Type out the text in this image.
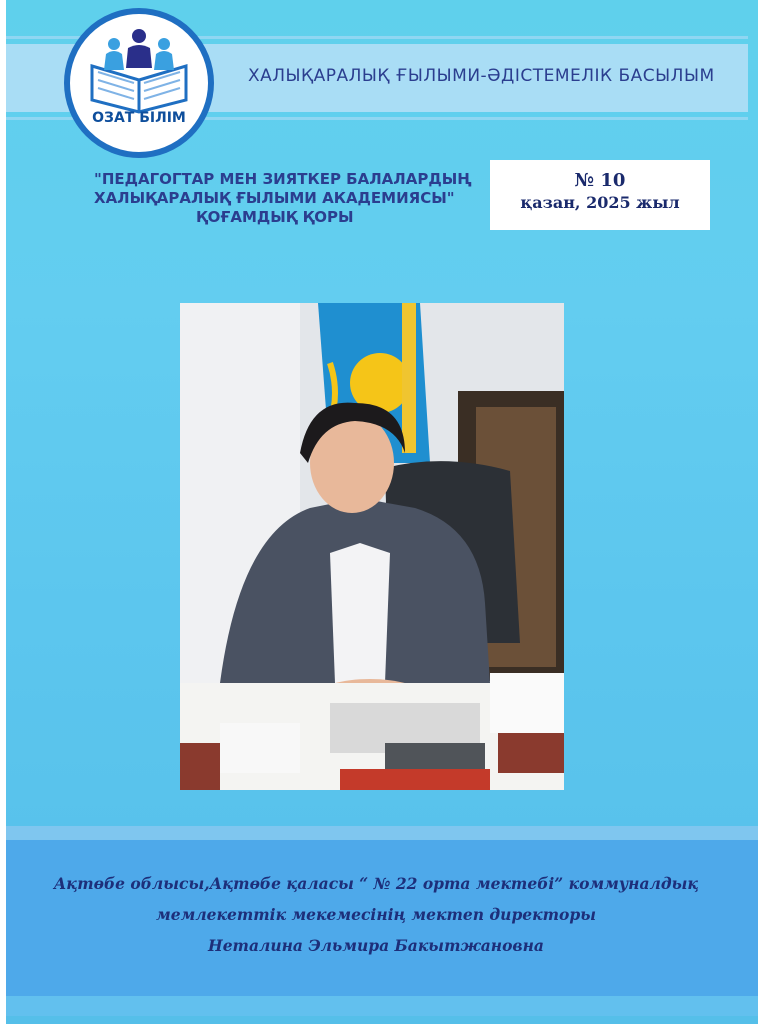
ХАЛЫҚАРАЛЫҚ ҒЫЛЫМИ-ӘДІСТЕМЕЛІК БАСЫЛЫМ
ОЗАТ БІЛІМ
"ПЕДАГОГТАР МЕН ЗИЯТКЕР БАЛАЛАРДЫҢ
ХАЛЫҚАРАЛЫҚ ҒЫЛЫМИ АКАДЕМИЯСЫ"
ҚОҒАМДЫҚ ҚОРЫ
№ 10
қазан, 2025 жыл
Ақтөбе облысы,Ақтөбе қаласы “ № 22 орта мектебі” коммуналдық
мемлекеттік мекемесінің мектеп директоры
Неталина Эльмира Бакытжановна
